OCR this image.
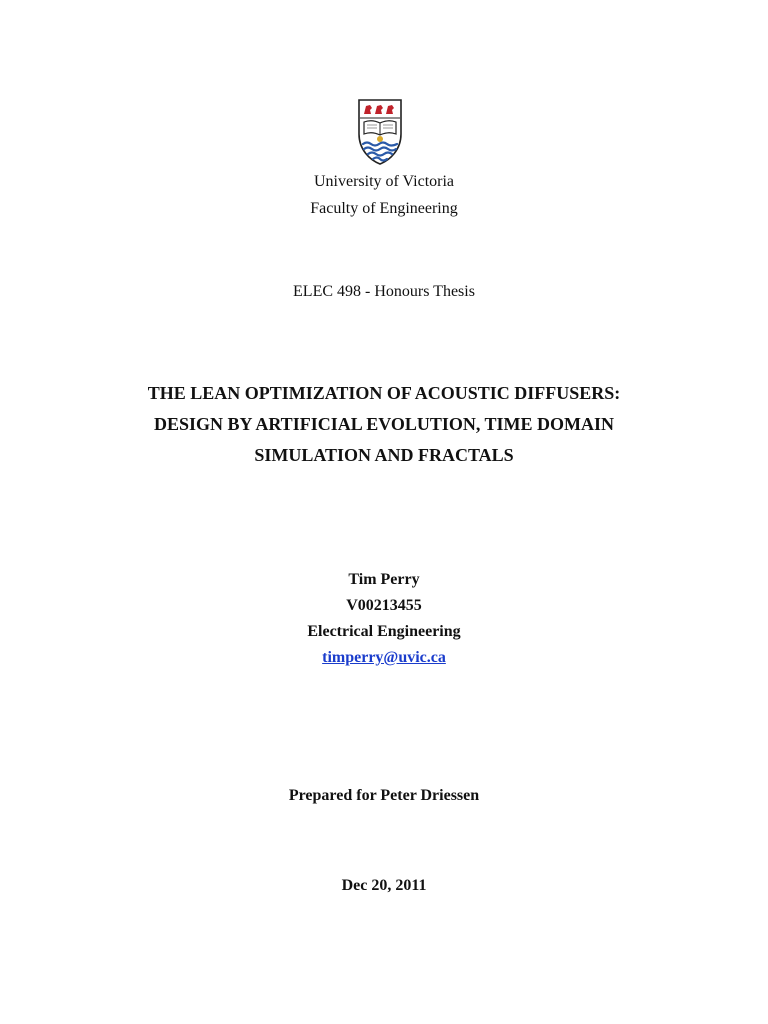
University of Victoria
Faculty of Engineering
ELEC 498 - Honours Thesis
THE LEAN OPTIMIZATION OF ACOUSTIC DIFFUSERS:
DESIGN BY ARTIFICIAL EVOLUTION, TIME DOMAIN
SIMULATION AND FRACTALS
Tim Perry
V00213455
Electrical Engineering
timperry@uvic.ca
Prepared for Peter Driessen
Dec 20, 2011
